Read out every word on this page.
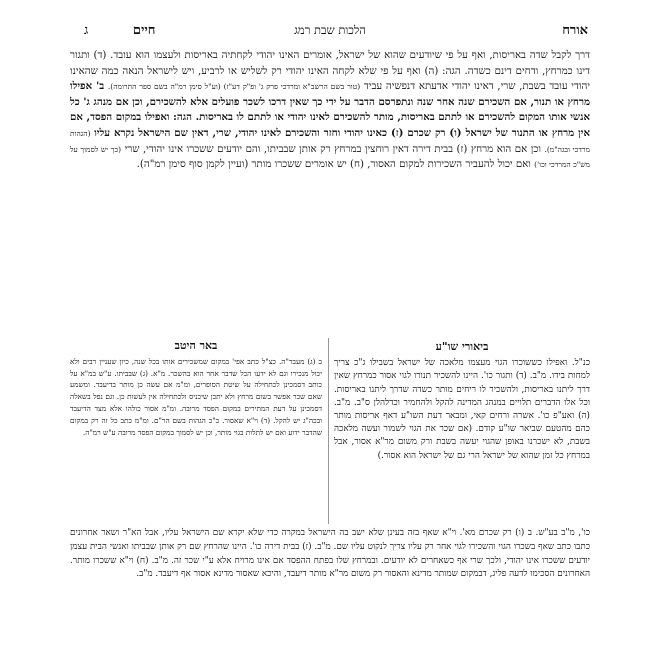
אורח
הלכות שבת רמג
חיים ג

דרך לקבל שדה באריסות, ואף על פי שיודעים שהוא של ישראל, אומרים האינו יהודי לקחתיה באריסות ולעצמו הוא עובד. (ד) ותגור דינו כמרחץ, ודחים דינם כשדה. הגה: (ה) ואף על פי שלא לקחה האינו יהודי רק לשליש או לרביע, ויש לישראל הנאה כמה שהאינו יהודי עובד בשבת, שרי, דאינו יהודי אדעתא דנפשיה עביד (טור בשם הרשב"א ומרדכי פרק ג' ופ"ק דע"ז) (וע"ל סימן רמ"ה בשם ספר התרומה). ב' אפילו מרחץ או תנור, אם השכירם שנה אחר שנה ונתפרסם הדבר על ידי כך שאין דרכו לשכר פועלים אלא להשכירם, וכן אם מנהג ג' כל אנשי אותו המקום להשכירם או לתתם באריסות, מותר להשכירם לאינו יהודי או לתתם לו באריסות. הגה: ואפילו במקום הפסד, אם אין מרחץ או התנור של ישראל (ו) רק שכרם (ז) כאינו יהודי וחזר והשכירם לאינו יהודי, שרי, דאין שם הישראל נקרא עליו (הגהות מרדכי ובגה"מ). וכן אם הוא מרחץ (ז) בבית דירה דאין רוחצין במרחץ רק אותן שבביתו, והם יודעים ששכרו אינו יהודי, שרי (כך יש לסמוך על מש"כ המרדכי וכו') ואם יכול להעביר השכירות למקום האסור, (ח) יש אומרים ששכרו מותר (ועיין לקמן סוף סימן רמ"ה).

ביאורי שו"ע

כנ"ל. ואפילו כששוכרו הגוי מעצמו מלאכה של ישראל בשבילו ג"כ צריך למחות בידו. מ"ב. (ד) ותגור כו'. היינו להשכיר תנורו לגוי אסור כמרחץ שאין דרך ליתנו באריסות, ולהשכיר לו ריחים מותר כשדה שדרך ליתנו באריסות. וכל אלו הדברים תלויים במנהג המדינה להקל ולהחמיר וכדלהלן ס"ב. מ"ב. (ה) ואע"פ כו'. אשרה ורחים קאי, ומבאר דעת השו"ע דאף אריסות מותר כהם מהטעם שביאר שו"ע קודם. (אם שכר את הגוי לשמור ועשה מלאכה בשבת, לא ישכרנו באופן שהגוי יעשה בשבת ורק משום מר"א אסור, אבל במרחץ כל זמן שהוא של ישראל הרי גם של ישראל הוא אסור.)

באר היטב

ב (ג) מעבר"ה. כצ"ל כתב אפי' במקום שמשכירים אותו בכל שנה, כיון שעניין רבים ולא יכול מנכירו וגם לא ידעו הכל שדבר אחר הוא בהשכר. מ"א. (ג) שבביתו. ע"ש במ"א על כותב דסמכינן לכתחילה על שיטת הסופרים, ומ"מ אם עשה כן מותר בדיעבד. ומשמע שאם שכר אפשר בשום מרחץ ולא יתכן שיכניס ולכתחילה אין לעשות כן. וגם נפל בשאלה דסמכינן על דעת המתירים במקום הפסד מרובה. ומ"מ אסור כולהו אלא מצד הדיעבד ובכה"ג יש להקל. (ד) וי"א שאסור. כ"כ הגהות בשם הר"ם. ומ"מ כתב כל זה רק במקום שהדבר ידוע ואם יש לתלות בגוי מותר, וכן יש לסמוך במקום הפסד מרובה ע"ש רמ"ה.

כו', מ"ב בע"ש. ב (ו) רק שכרם מא'. וי"א שאף בזה בעינן שלא ישב בה הישראל במקרה כדי שלא יקרא שם הישראל עליו, אבל הא"ר ושאר אחרונים כתבו כתב שאף בשכרו הגוי והשכירו לגוי אחר רק עליו צריך לנקוט עליו שם. מ"ב. (ז) בבית דירה כו'. היינו שהרחץ שם רק אותן שבביתו ואנשי הבית עצמן יודעים ששכרו אינו יהודי, ולכך שרי אף כשאחרים לא יודעים. ובמרחץ שלו בפתח ההפסד אם אינו מרויח אלא ע"י שכר זה. מ"ב. (ח) וי"א ששכרו מותר. האחרונים הסכימו לדעה פליג, דבמקום שמותר מדינא והאסור רק משום מר"א מותר דיעבד, והיכא שאסור מדינא אסור אף דיעבד. מ"ב.
